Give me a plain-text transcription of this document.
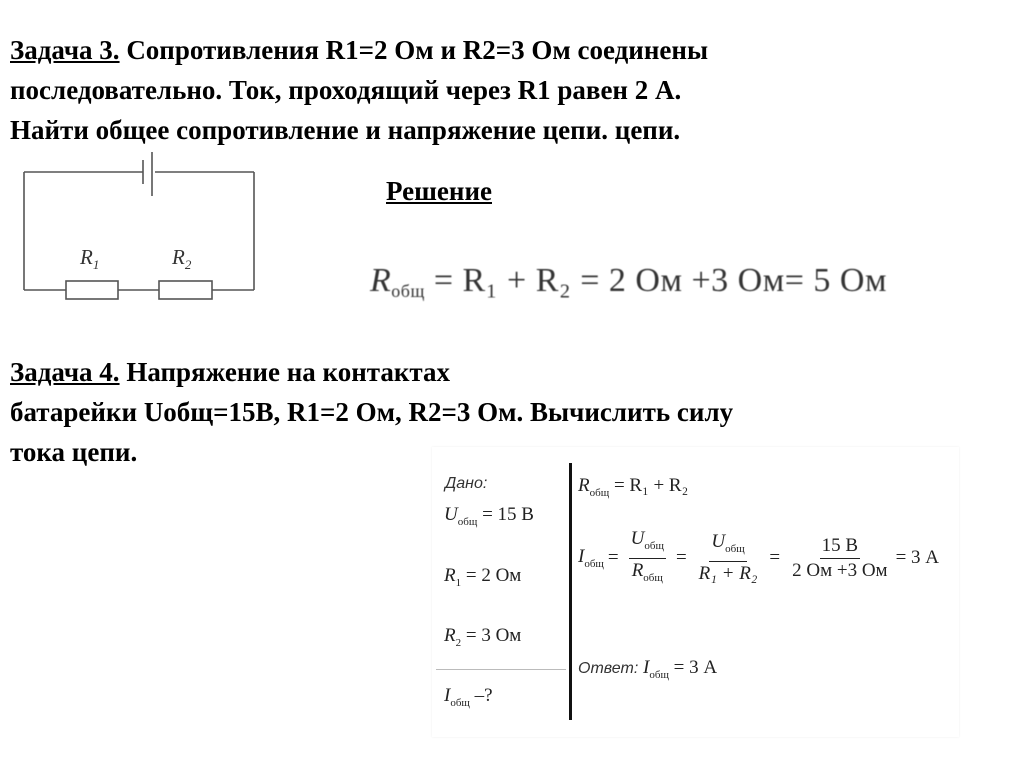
Задача 3. Сопротивления R1=2 Ом и R2=3 Ом соединены
последовательно. Ток, проходящий через R1 равен 2 А.
Найти общее сопротивление и напряжение цепи. цепи.

$R_1$	$R_2$
Решение
$R_{общ} = R_1 + R_2 = 2$ Ом +3 Ом= 5 Ом

Задача 4. Напряжение на контактах
батарейки Uобщ=15В, R1=2 Ом, R2=3 Ом. Вычислить силу
тока цепи.

Дано:
$U_{общ} = 15$ В
$R_1 = 2$ Ом
$R_2 = 3$ Ом
$I_{общ}$ –?
$R_{общ} = R_1 + R_2$
$I_{общ} = \frac{U_{общ}}{R_{общ}} = \frac{U_{общ}}{\text{R₁ + R₂}} = \frac{15 В}{2 Ом +3 Ом} = 3$ А
Ответ: $I_{общ} = 3$ А
